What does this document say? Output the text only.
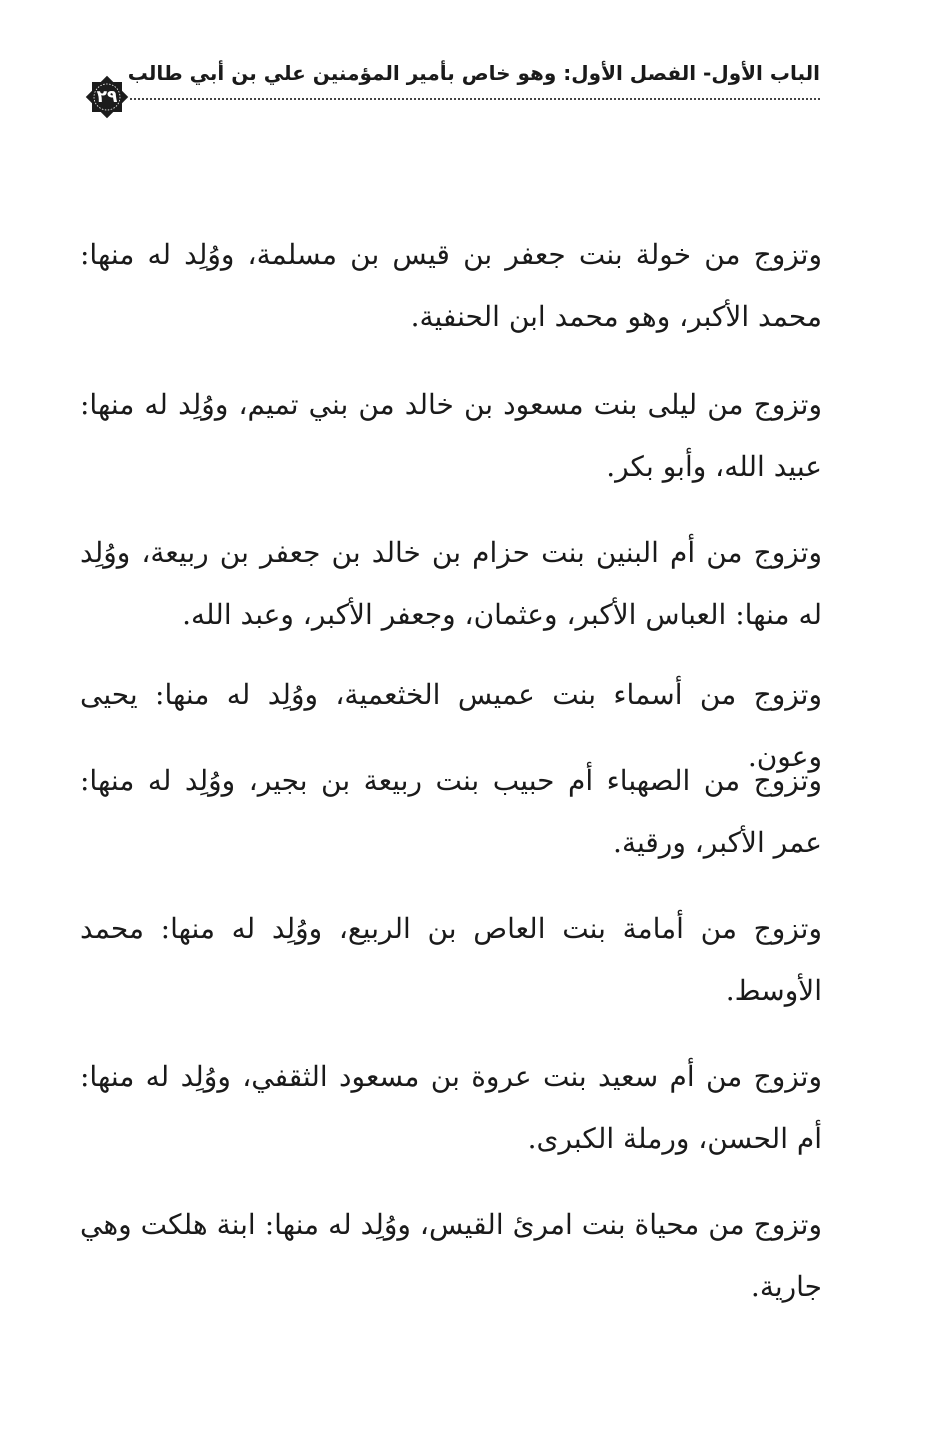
الباب الأول- الفصل الأول: وهو خاص بأمير المؤمنين علي بن أبي طالب
٢٩

وتزوج من خولة بنت جعفر بن قيس بن مسلمة، ووُلِد له منها: محمد الأكبر، وهو محمد ابن الحنفية.

وتزوج من ليلى بنت مسعود بن خالد من بني تميم، ووُلِد له منها: عبيد الله، وأبو بكر.

وتزوج من أم البنين بنت حزام بن خالد بن جعفر بن ربيعة، ووُلِد له منها: العباس الأكبر، وعثمان، وجعفر الأكبر، وعبد الله.

وتزوج من أسماء بنت عميس الخثعمية، ووُلِد له منها: يحيى وعون.

وتزوج من الصهباء أم حبيب بنت ربيعة بن بجير، ووُلِد له منها: عمر الأكبر، ورقية.

وتزوج من أمامة بنت العاص بن الربيع، ووُلِد له منها: محمد الأوسط.

وتزوج من أم سعيد بنت عروة بن مسعود الثقفي، ووُلِد له منها: أم الحسن، ورملة الكبرى.

وتزوج من محياة بنت امرئ القيس، ووُلِد له منها: ابنة هلكت وهي جارية.
